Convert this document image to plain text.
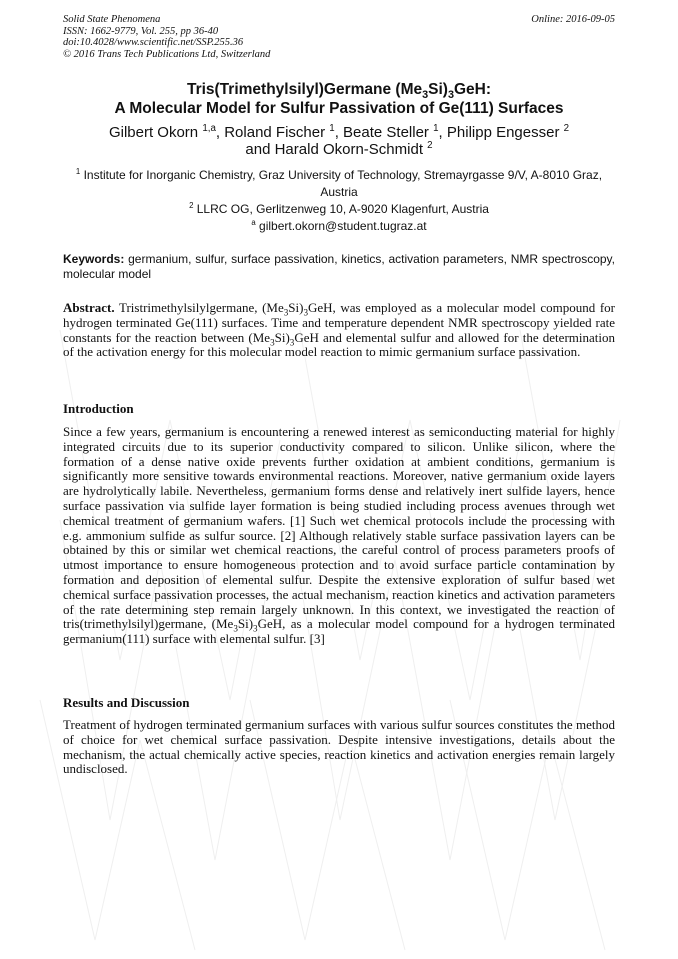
Solid State Phenomena
ISSN: 1662-9779, Vol. 255, pp 36-40
doi:10.4028/www.scientific.net/SSP.255.36
© 2016 Trans Tech Publications Ltd, Switzerland
Online: 2016-09-05
Tris(Trimethylsilyl)Germane $(Me_3Si)_3GeH$:
A Molecular Model for Sulfur Passivation of Ge(111) Surfaces
Gilbert Okorn $^{1,a}$, Roland Fischer $^1$, Beate Steller $^1$, Philipp Engesser $^2$
and Harald Okorn-Schmidt $^2$
$^1$ Institute for Inorganic Chemistry, Graz University of Technology, Stremayrgasse 9/V, A-8010 Graz, Austria
$^2$ LLRC OG, Gerlitzenweg 10, A-9020 Klagenfurt, Austria
$^a$ gilbert.okorn@student.tugraz.at
Keywords: germanium, sulfur, surface passivation, kinetics, activation parameters, NMR spectroscopy, molecular model
Abstract. Tristrimethylsilylgermane, $(Me_3Si)_3GeH$, was employed as a molecular model compound for hydrogen terminated Ge(111) surfaces. Time and temperature dependent NMR spectroscopy yielded rate constants for the reaction between $(Me_3Si)_3GeH$ and elemental sulfur and allowed for the determination of the activation energy for this molecular model reaction to mimic germanium surface passivation.
Introduction
Since a few years, germanium is encountering a renewed interest as semiconducting material for highly integrated circuits due to its superior conductivity compared to silicon. Unlike silicon, where the formation of a dense native oxide prevents further oxidation at ambient conditions, germanium is significantly more sensitive towards environmental reactions. Moreover, native germanium oxide layers are hydrolytically labile. Nevertheless, germanium forms dense and relatively inert sulfide layers, hence surface passivation via sulfide layer formation is being studied including process avenues through wet chemical treatment of germanium wafers. [1] Such wet chemical protocols include the processing with e.g. ammonium sulfide as sulfur source. [2] Although relatively stable surface passivation layers can be obtained by this or similar wet chemical reactions, the careful control of process parameters proofs of utmost importance to ensure homogeneous protection and to avoid surface particle contamination by formation and deposition of elemental sulfur. Despite the extensive exploration of sulfur based wet chemical surface passivation processes, the actual mechanism, reaction kinetics and activation parameters of the rate determining step remain largely unknown. In this context, we investigated the reaction of tris(trimethylsilyl)germane, $(Me_3Si)_3GeH$, as a molecular model compound for a hydrogen terminated germanium(111) surface with elemental sulfur. [3]
Results and Discussion
Treatment of hydrogen terminated germanium surfaces with various sulfur sources constitutes the method of choice for wet chemical surface passivation. Despite intensive investigations, details about the mechanism, the actual chemically active species, reaction kinetics and activation energies remain largely undisclosed.
